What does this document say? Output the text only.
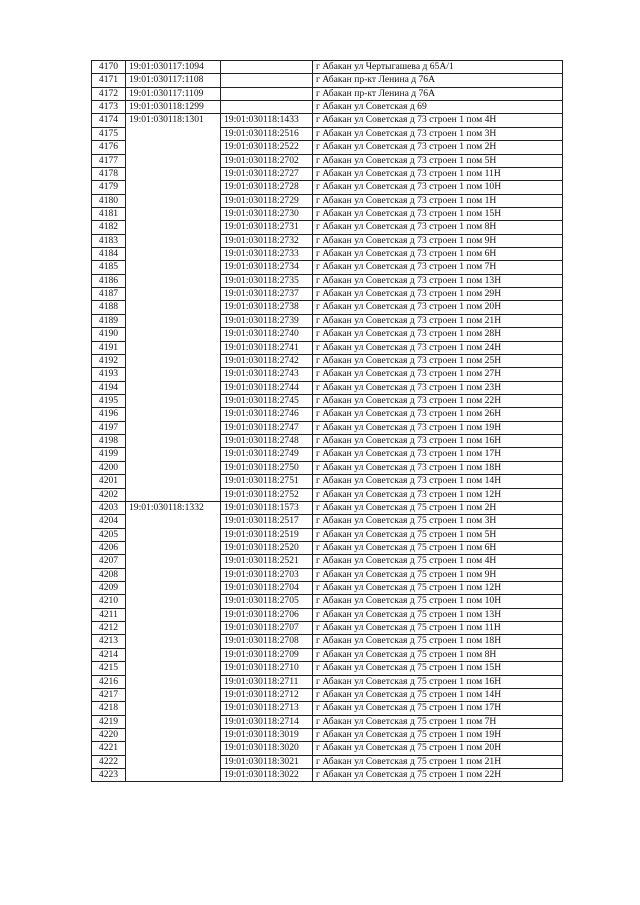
4170	19:01:030117:1094		г Абакан ул Чертыгашева д 65А/1
4171	19:01:030117:1108		г Абакан пр-кт Ленина д 76А
4172	19:01:030117:1109		г Абакан пр-кт Ленина д 76А
4173	19:01:030118:1299		г Абакан ул Советская д 69
4174	19:01:030118:1301	19:01:030118:1433	г Абакан ул Советская д 73 строен 1 пом 4Н
4175		19:01:030118:2516	г Абакан ул Советская д 73 строен 1 пом 3Н
4176		19:01:030118:2522	г Абакан ул Советская д 73 строен 1 пом 2Н
4177		19:01:030118:2702	г Абакан ул Советская д 73 строен 1 пом 5Н
4178		19:01:030118:2727	г Абакан ул Советская д 73 строен 1 пом 11Н
4179		19:01:030118:2728	г Абакан ул Советская д 73 строен 1 пом 10Н
4180		19:01:030118:2729	г Абакан ул Советская д 73 строен 1 пом 1Н
4181		19:01:030118:2730	г Абакан ул Советская д 73 строен 1 пом 15Н
4182		19:01:030118:2731	г Абакан ул Советская д 73 строен 1 пом 8Н
4183		19:01:030118:2732	г Абакан ул Советская д 73 строен 1 пом 9Н
4184		19:01:030118:2733	г Абакан ул Советская д 73 строен 1 пом 6Н
4185		19:01:030118:2734	г Абакан ул Советская д 73 строен 1 пом 7Н
4186		19:01:030118:2735	г Абакан ул Советская д 73 строен 1 пом 13Н
4187		19:01:030118:2737	г Абакан ул Советская д 73 строен 1 пом 29Н
4188		19:01:030118:2738	г Абакан ул Советская д 73 строен 1 пом 20Н
4189		19:01:030118:2739	г Абакан ул Советская д 73 строен 1 пом 21Н
4190		19:01:030118:2740	г Абакан ул Советская д 73 строен 1 пом 28Н
4191		19:01:030118:2741	г Абакан ул Советская д 73 строен 1 пом 24Н
4192		19:01:030118:2742	г Абакан ул Советская д 73 строен 1 пом 25Н
4193		19:01:030118:2743	г Абакан ул Советская д 73 строен 1 пом 27Н
4194		19:01:030118:2744	г Абакан ул Советская д 73 строен 1 пом 23Н
4195		19:01:030118:2745	г Абакан ул Советская д 73 строен 1 пом 22Н
4196		19:01:030118:2746	г Абакан ул Советская д 73 строен 1 пом 26Н
4197		19:01:030118:2747	г Абакан ул Советская д 73 строен 1 пом 19Н
4198		19:01:030118:2748	г Абакан ул Советская д 73 строен 1 пом 16Н
4199		19:01:030118:2749	г Абакан ул Советская д 73 строен 1 пом 17Н
4200		19:01:030118:2750	г Абакан ул Советская д 73 строен 1 пом 18Н
4201		19:01:030118:2751	г Абакан ул Советская д 73 строен 1 пом 14Н
4202		19:01:030118:2752	г Абакан ул Советская д 73 строен 1 пом 12Н
4203	19:01:030118:1332	19:01:030118:1573	г Абакан ул Советская д 75 строен 1 пом 2Н
4204		19:01:030118:2517	г Абакан ул Советская д 75 строен 1 пом 3Н
4205		19:01:030118:2519	г Абакан ул Советская д 75 строен 1 пом 5Н
4206		19:01:030118:2520	г Абакан ул Советская д 75 строен 1 пом 6Н
4207		19:01:030118:2521	г Абакан ул Советская д 75 строен 1 пом 4Н
4208		19:01:030118:2703	г Абакан ул Советская д 75 строен 1 пом 9Н
4209		19:01:030118:2704	г Абакан ул Советская д 75 строен 1 пом 12Н
4210		19:01:030118:2705	г Абакан ул Советская д 75 строен 1 пом 10Н
4211		19:01:030118:2706	г Абакан ул Советская д 75 строен 1 пом 13Н
4212		19:01:030118:2707	г Абакан ул Советская д 75 строен 1 пом 11Н
4213		19:01:030118:2708	г Абакан ул Советская д 75 строен 1 пом 18Н
4214		19:01:030118:2709	г Абакан ул Советская д 75 строен 1 пом 8Н
4215		19:01:030118:2710	г Абакан ул Советская д 75 строен 1 пом 15Н
4216		19:01:030118:2711	г Абакан ул Советская д 75 строен 1 пом 16Н
4217		19:01:030118:2712	г Абакан ул Советская д 75 строен 1 пом 14Н
4218		19:01:030118:2713	г Абакан ул Советская д 75 строен 1 пом 17Н
4219		19:01:030118:2714	г Абакан ул Советская д 75 строен 1 пом 7Н
4220		19:01:030118:3019	г Абакан ул Советская д 75 строен 1 пом 19Н
4221		19:01:030118:3020	г Абакан ул Советская д 75 строен 1 пом 20Н
4222		19:01:030118:3021	г Абакан ул Советская д 75 строен 1 пом 21Н
4223		19:01:030118:3022	г Абакан ул Советская д 75 строен 1 пом 22Н
